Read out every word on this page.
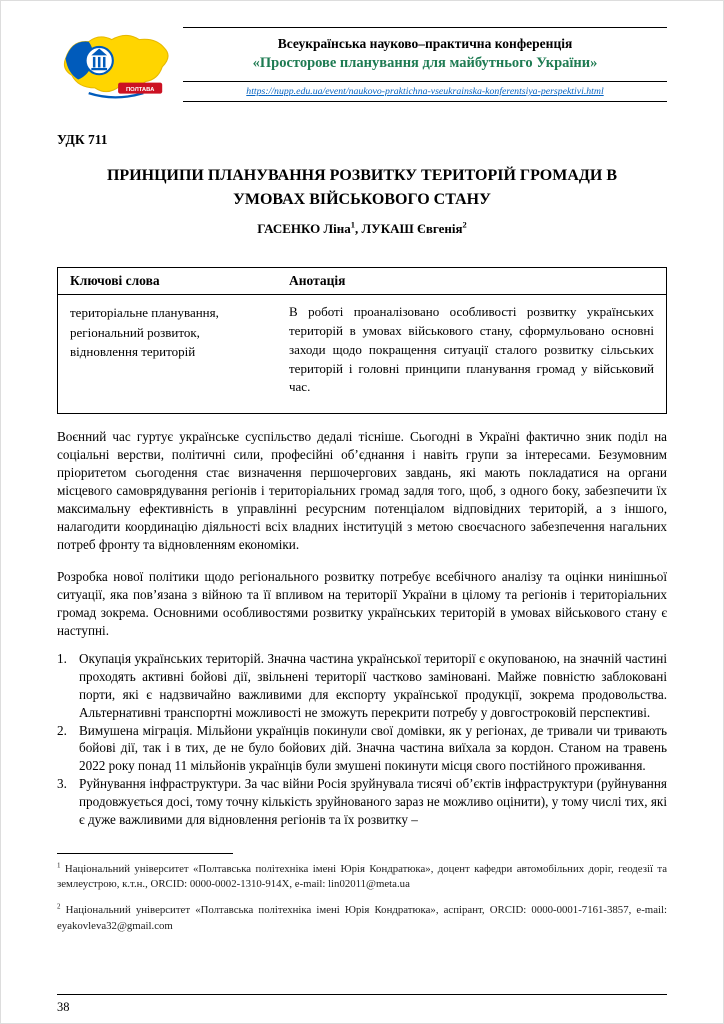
ПОЛТАВА
Всеукраїнська науково–практична конференція
«Просторове планування для майбутнього України»
https://nupp.edu.ua/event/naukovo-praktichna-vseukrainska-konferentsiya-perspektivi.html
УДК 711
ПРИНЦИПИ ПЛАНУВАННЯ РОЗВИТКУ ТЕРИТОРІЙ ГРОМАДИ В УМОВАХ ВІЙСЬКОВОГО СТАНУ

ГАСЕНКО Ліна$^1$, ЛУКАШ Євгенія$^2$

Ключові слова	Анотація
територіальне планування, регіональний розвиток, відновлення територій	В роботі проаналізовано особливості розвитку українських територій в умовах військового стану, сформульовано основні заходи щодо покращення ситуації сталого розвитку сільських територій і головні принципи планування громад у військовий час.

Воєнний час гуртує українське суспільство дедалі тісніше. Сьогодні в Україні фактично зник поділ на соціальні верстви, політичні сили, професійні об’єднання і навіть групи за інтересами. Безумовним пріоритетом сьогодення стає визначення першочергових завдань, які мають покладатися на органи місцевого самоврядування регіонів і територіальних громад задля того, щоб, з одного боку, забезпечити їх максимальну ефективність в управлінні ресурсним потенціалом відповідних територій, а з іншого, налагодити координацію діяльності всіх владних інституцій з метою своєчасного забезпечення нагальних потреб фронту та відновленням економіки.

Розробка нової політики щодо регіонального розвитку потребує всебічного аналізу та оцінки нинішньої ситуації, яка пов’язана з війною та її впливом на території України в цілому та регіонів і територіальних громад зокрема. Основними особливостями розвитку українських територій в умовах військового стану є наступні.

1. Окупація українських територій. Значна частина української території є окупованою, на значній частині проходять активні бойові дії, звільнені території частково заміновані. Майже повністю заблоковані порти, які є надзвичайно важливими для експорту української продукції, зокрема продовольства. Альтернативні транспортні можливості не зможуть перекрити потребу у довгостроковій перспективі.
2. Вимушена міграція. Мільйони українців покинули свої домівки, як у регіонах, де тривали чи тривають бойові дії, так і в тих, де не було бойових дій. Значна частина виїхала за кордон. Станом на травень 2022 року понад 11 мільйонів українців були змушені покинути місця свого постійного проживання.
3. Руйнування інфраструктури. За час війни Росія зруйнувала тисячі об’єктів інфраструктури (руйнування продовжується досі, тому точну кількість зруйнованого зараз не можливо оцінити), у тому числі тих, які є дуже важливими для відновлення регіонів та їх розвитку –

$^1$ Національний університет «Полтавська політехніка імені Юрія Кондратюка», доцент кафедри автомобільних доріг, геодезії та землеустрою, к.т.н., ORCID: 0000-0002-1310-914X, e-mail: lin02011@meta.ua

$^2$ Національний університет «Полтавська політехніка імені Юрія Кондратюка», аспірант, ORCID: 0000-0001-7161-3857, e-mail: eyakovleva32@gmail.com

38
